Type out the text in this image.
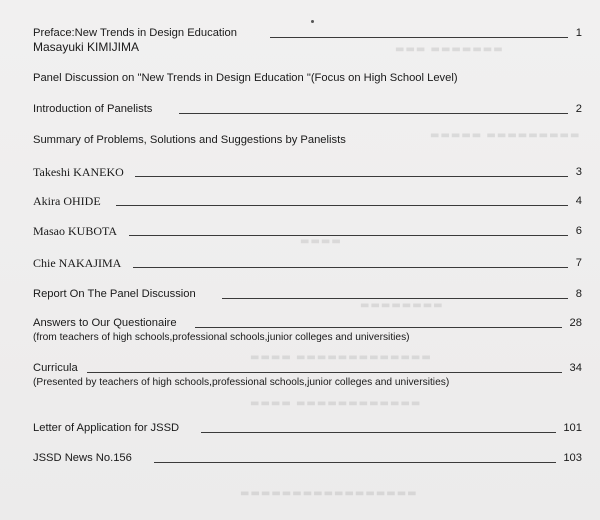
▬▬▬ ▬▬▬▬▬▬▬
▬▬▬▬▬ ▬▬▬▬▬▬▬▬▬
▬▬▬▬
▬▬▬▬▬▬▬▬
▬▬▬▬ ▬▬▬▬▬▬▬▬▬▬▬▬▬
▬▬▬▬ ▬▬▬▬▬▬▬▬▬▬▬▬
▬▬▬▬▬▬▬▬▬▬▬▬▬▬▬▬▬
Preface:New Trends in Design Education	1
Masayuki KIMIJIMA
Panel Discussion on "New Trends in Design Education "(Focus on High School Level)
Introduction of Panelists	2
Summary of Problems, Solutions and Suggestions by Panelists
Takeshi KANEKO	3
Akira OHIDE	4
Masao KUBOTA	6
Chie NAKAJIMA	7
Report On The Panel Discussion	8
Answers to Our Questionaire	28
(from teachers of high schools,professional schools,junior colleges and universities)
Curricula	34
(Presented by teachers of high schools,professional schools,junior colleges and universities)
Letter of Application for JSSD	101
JSSD News No.156	103
